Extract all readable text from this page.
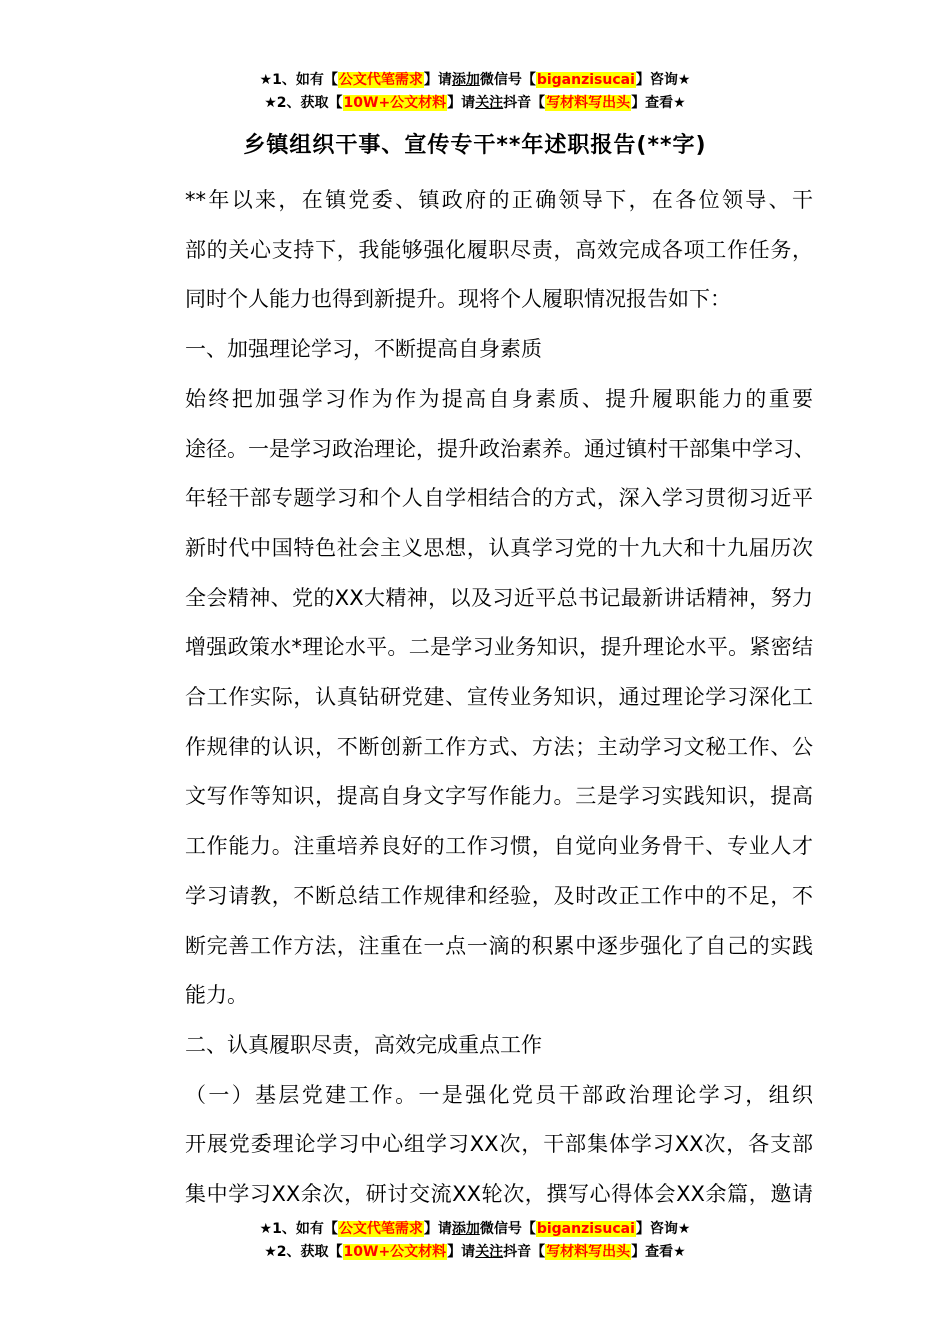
★1、如有【公文代笔需求】请添加微信号【biganzisucai】咨询★
★2、获取【10W+公文材料】请关注抖音【写材料写出头】查看★
乡镇组织干事、宣传专干**年述职报告(**字)

**年以来，在镇党委、镇政府的正确领导下，在各位领导、干
部的关心支持下，我能够强化履职尽责，高效完成各项工作任务，
同时个人能力也得到新提升。现将个人履职情况报告如下：

一、加强理论学习，不断提高自身素质

始终把加强学习作为作为提高自身素质、提升履职能力的重要
途径。一是学习政治理论，提升政治素养。通过镇村干部集中学习、
年轻干部专题学习和个人自学相结合的方式，深入学习贯彻习近平
新时代中国特色社会主义思想，认真学习党的十九大和十九届历次
全会精神、党的XX大精神，以及习近平总书记最新讲话精神，努力
增强政策水*理论水平。二是学习业务知识，提升理论水平。紧密结
合工作实际，认真钻研党建、宣传业务知识，通过理论学习深化工
作规律的认识，不断创新工作方式、方法；主动学习文秘工作、公
文写作等知识，提高自身文字写作能力。三是学习实践知识，提高
工作能力。注重培养良好的工作习惯，自觉向业务骨干、专业人才
学习请教，不断总结工作规律和经验，及时改正工作中的不足，不
断完善工作方法，注重在一点一滴的积累中逐步强化了自己的实践
能力。

二、认真履职尽责，高效完成重点工作

（一）基层党建工作。一是强化党员干部政治理论学习，组织
开展党委理论学习中心组学习XX次，干部集体学习XX次，各支部
集中学习XX余次，研讨交流XX轮次，撰写心得体会XX余篇，邀请

★1、如有【公文代笔需求】请添加微信号【biganzisucai】咨询★
★2、获取【10W+公文材料】请关注抖音【写材料写出头】查看★
